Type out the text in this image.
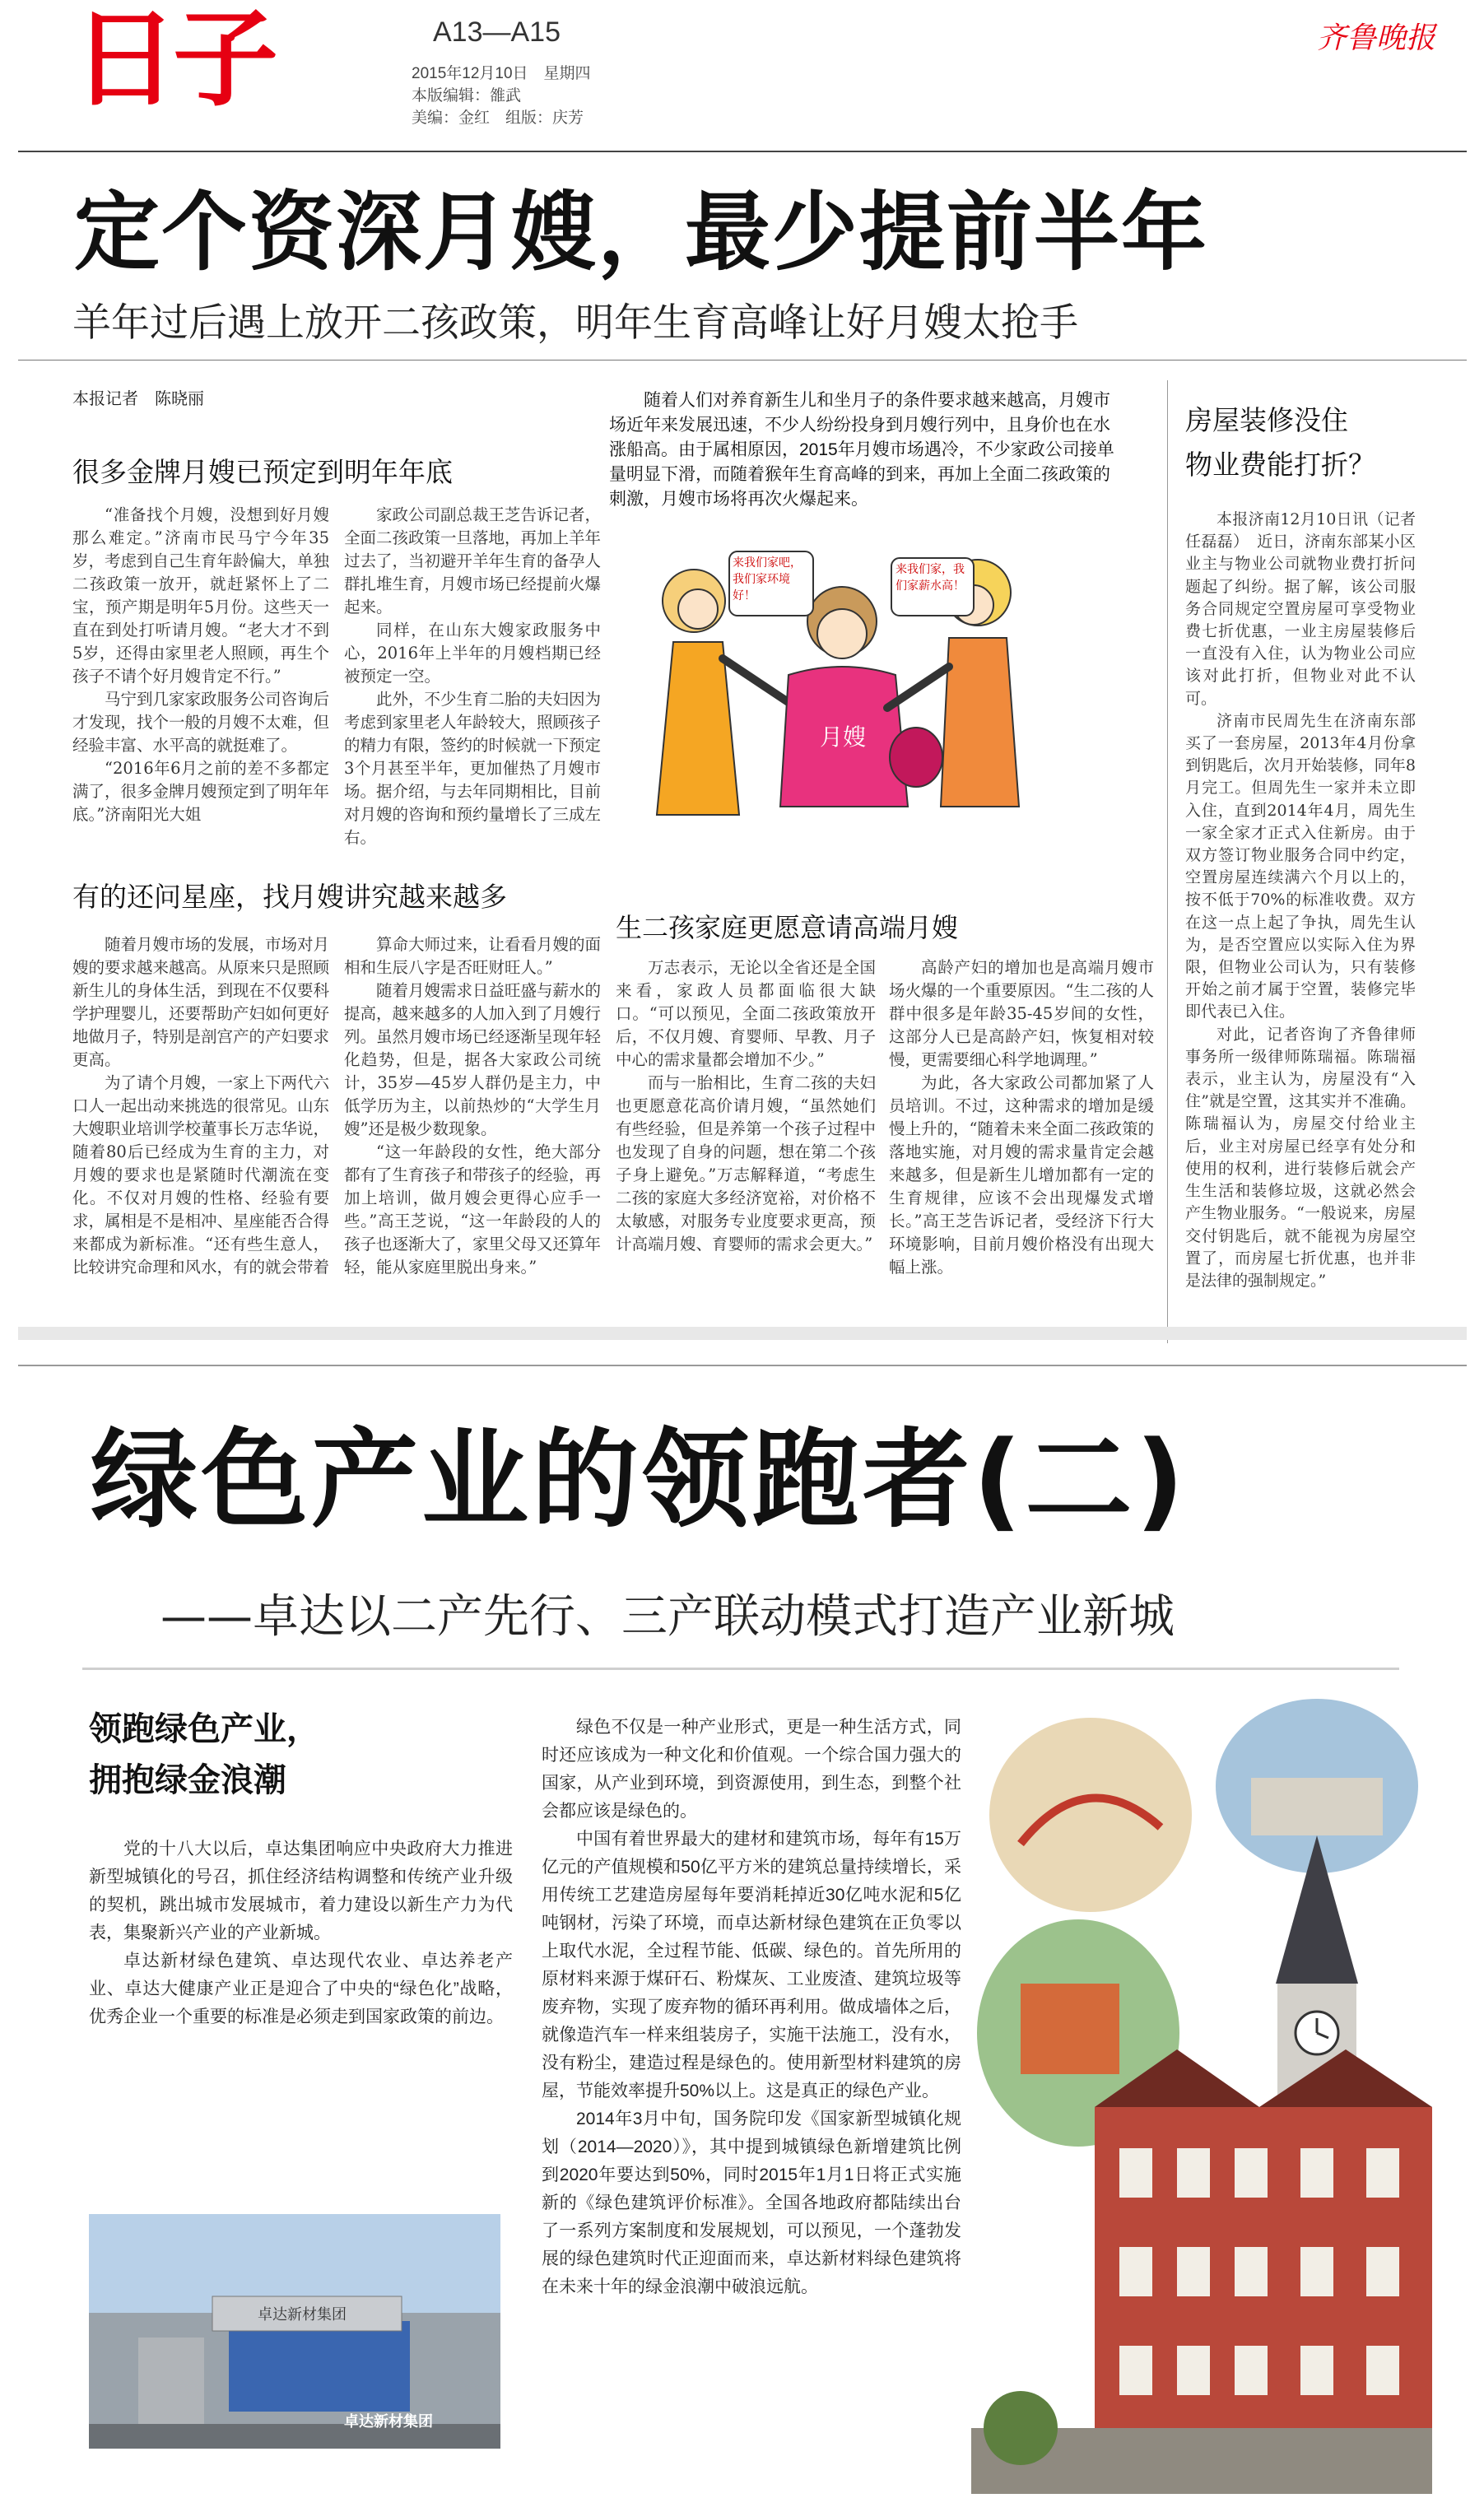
日子	A13—A15
2015年12月10日　星期四
本版编辑：雒武
美编：金红　组版：庆芳
齐鲁晚报
定个资深月嫂，最少提前半年
羊年过后遇上放开二孩政策，明年生育高峰让好月嫂太抢手
本报记者　陈晓丽
很多金牌月嫂已预定到明年年底

“准备找个月嫂，没想到好月嫂那么难定。”济南市民马宁今年35岁，考虑到自己生育年龄偏大，单独二孩政策一放开，就赶紧怀上了二宝，预产期是明年5月份。这些天一直在到处打听请月嫂。“老大才不到5岁，还得由家里老人照顾，再生个孩子不请个好月嫂肯定不行。”

马宁到几家家政服务公司咨询后才发现，找个一般的月嫂不太难，但经验丰富、水平高的就挺难了。

“2016年6月之前的差不多都定满了，很多金牌月嫂预定到了明年年底。”济南阳光大姐

家政公司副总裁王芝告诉记者，全面二孩政策一旦落地，再加上羊年过去了，当初避开羊年生育的备孕人群扎堆生育，月嫂市场已经提前火爆起来。

同样，在山东大嫂家政服务中心，2016年上半年的月嫂档期已经被预定一空。

此外，不少生育二胎的夫妇因为考虑到家里老人年龄较大，照顾孩子的精力有限，签约的时候就一下预定3个月甚至半年，更加催热了月嫂市场。据介绍，与去年同期相比，目前对月嫂的咨询和预约量增长了三成左右。

有的还问星座，找月嫂讲究越来越多

随着月嫂市场的发展，市场对月嫂的要求越来越高。从原来只是照顾新生儿的身体生活，到现在不仅要科学护理婴儿，还要帮助产妇如何更好地做月子，特别是剖宫产的产妇要求更高。

为了请个月嫂，一家上下两代六口人一起出动来挑选的很常见。山东大嫂职业培训学校董事长万志华说，随着80后已经成为生育的主力，对月嫂的要求也是紧随时代潮流在变化。不仅对月嫂的性格、经验有要求，属相是不是相冲、星座能否合得来都成为新标准。“还有些生意人，比较讲究命理和风水，有的就会带着

算命大师过来，让看看月嫂的面相和生辰八字是否旺财旺人。”

随着月嫂需求日益旺盛与薪水的提高，越来越多的人加入到了月嫂行列。虽然月嫂市场已经逐渐呈现年轻化趋势，但是，据各大家政公司统计，35岁—45岁人群仍是主力，中低学历为主，以前热炒的“大学生月嫂”还是极少数现象。

“这一年龄段的女性，绝大部分都有了生育孩子和带孩子的经验，再加上培训，做月嫂会更得心应手一些。”高王芝说，“这一年龄段的人的孩子也逐渐大了，家里父母又还算年轻，能从家庭里脱出身来。”

随着人们对养育新生儿和坐月子的条件要求越来越高，月嫂市场近年来发展迅速，不少人纷纷投身到月嫂行列中，且身价也在水涨船高。由于属相原因，2015年月嫂市场遇冷，不少家政公司接单量明显下滑，而随着猴年生育高峰的到来，再加上全面二孩政策的刺激，月嫂市场将再次火爆起来。

月嫂
来我们家吧，我们家环境好！
来我们家，我们家薪水高！
生二孩家庭更愿意请高端月嫂

万志表示，无论以全省还是全国来看，家政人员都面临很大缺口。“可以预见，全面二孩政策放开后，不仅月嫂、育婴师、早教、月子中心的需求量都会增加不少。”

而与一胎相比，生育二孩的夫妇也更愿意花高价请月嫂，“虽然她们有些经验，但是养第一个孩子过程中也发现了自身的问题，想在第二个孩子身上避免。”万志解释道，“考虑生二孩的家庭大多经济宽裕，对价格不太敏感，对服务专业度要求更高，预计高端月嫂、育婴师的需求会更大。”

高龄产妇的增加也是高端月嫂市场火爆的一个重要原因。“生二孩的人群中很多是年龄35-45岁间的女性，这部分人已是高龄产妇，恢复相对较慢，更需要细心科学地调理。”

为此，各大家政公司都加紧了人员培训。不过，这种需求的增加是缓慢上升的，“随着未来全面二孩政策的落地实施，对月嫂的需求量肯定会越来越多，但是新生儿增加都有一定的生育规律，应该不会出现爆发式增长。”高王芝告诉记者，受经济下行大环境影响，目前月嫂价格没有出现大幅上涨。

房屋装修没住
物业费能打折？

本报济南12月10日讯（记者　任磊磊）　近日，济南东部某小区业主与物业公司就物业费打折问题起了纠纷。据了解，该公司服务合同规定空置房屋可享受物业费七折优惠，一业主房屋装修后一直没有入住，认为物业公司应该对此打折，但物业对此不认可。

济南市民周先生在济南东部买了一套房屋，2013年4月份拿到钥匙后，次月开始装修，同年8月完工。但周先生一家并未立即入住，直到2014年4月，周先生一家全家才正式入住新房。由于双方签订物业服务合同中约定，空置房屋连续满六个月以上的，按不低于70%的标准收费。双方在这一点上起了争执，周先生认为，是否空置应以实际入住为界限，但物业公司认为，只有装修开始之前才属于空置，装修完毕即代表已入住。

对此，记者咨询了齐鲁律师事务所一级律师陈瑞福。陈瑞福表示，业主认为，房屋没有“入住”就是空置，这其实并不准确。陈瑞福认为，房屋交付给业主后，业主对房屋已经享有处分和使用的权利，进行装修后就会产生生活和装修垃圾，这就必然会产生物业服务。“一般说来，房屋交付钥匙后，就不能视为房屋空置了，而房屋七折优惠，也并非是法律的强制规定。”

绿色产业的领跑者(二)
——卓达以二产先行、三产联动模式打造产业新城
领跑绿色产业，
拥抱绿金浪潮

党的十八大以后，卓达集团响应中央政府大力推进新型城镇化的号召，抓住经济结构调整和传统产业升级的契机，跳出城市发展城市，着力建设以新生产力为代表，集聚新兴产业的产业新城。

卓达新材绿色建筑、卓达现代农业、卓达养老产业、卓达大健康产业正是迎合了中央的“绿色化”战略，优秀企业一个重要的标准是必须走到国家政策的前边。

卓达新材集团
卓达新材集团

绿色不仅是一种产业形式，更是一种生活方式，同时还应该成为一种文化和价值观。一个综合国力强大的国家，从产业到环境，到资源使用，到生态，到整个社会都应该是绿色的。

中国有着世界最大的建材和建筑市场，每年有15万亿元的产值规模和50亿平方米的建筑总量持续增长，采用传统工艺建造房屋每年要消耗掉近30亿吨水泥和5亿吨钢材，污染了环境，而卓达新材绿色建筑在正负零以上取代水泥，全过程节能、低碳、绿色的。首先所用的原材料来源于煤矸石、粉煤灰、工业废渣、建筑垃圾等废弃物，实现了废弃物的循环再利用。做成墙体之后，就像造汽车一样来组装房子，实施干法施工，没有水，没有粉尘，建造过程是绿色的。使用新型材料建筑的房屋，节能效率提升50%以上。这是真正的绿色产业。

2014年3月中旬，国务院印发《国家新型城镇化规划（2014—2020）》，其中提到城镇绿色新增建筑比例到2020年要达到50%，同时2015年1月1日将正式实施新的《绿色建筑评价标准》。全国各地政府都陆续出台了一系列方案制度和发展规划，可以预见，一个蓬勃发展的绿色建筑时代正迎面而来，卓达新材料绿色建筑将在未来十年的绿金浪潮中破浪远航。
